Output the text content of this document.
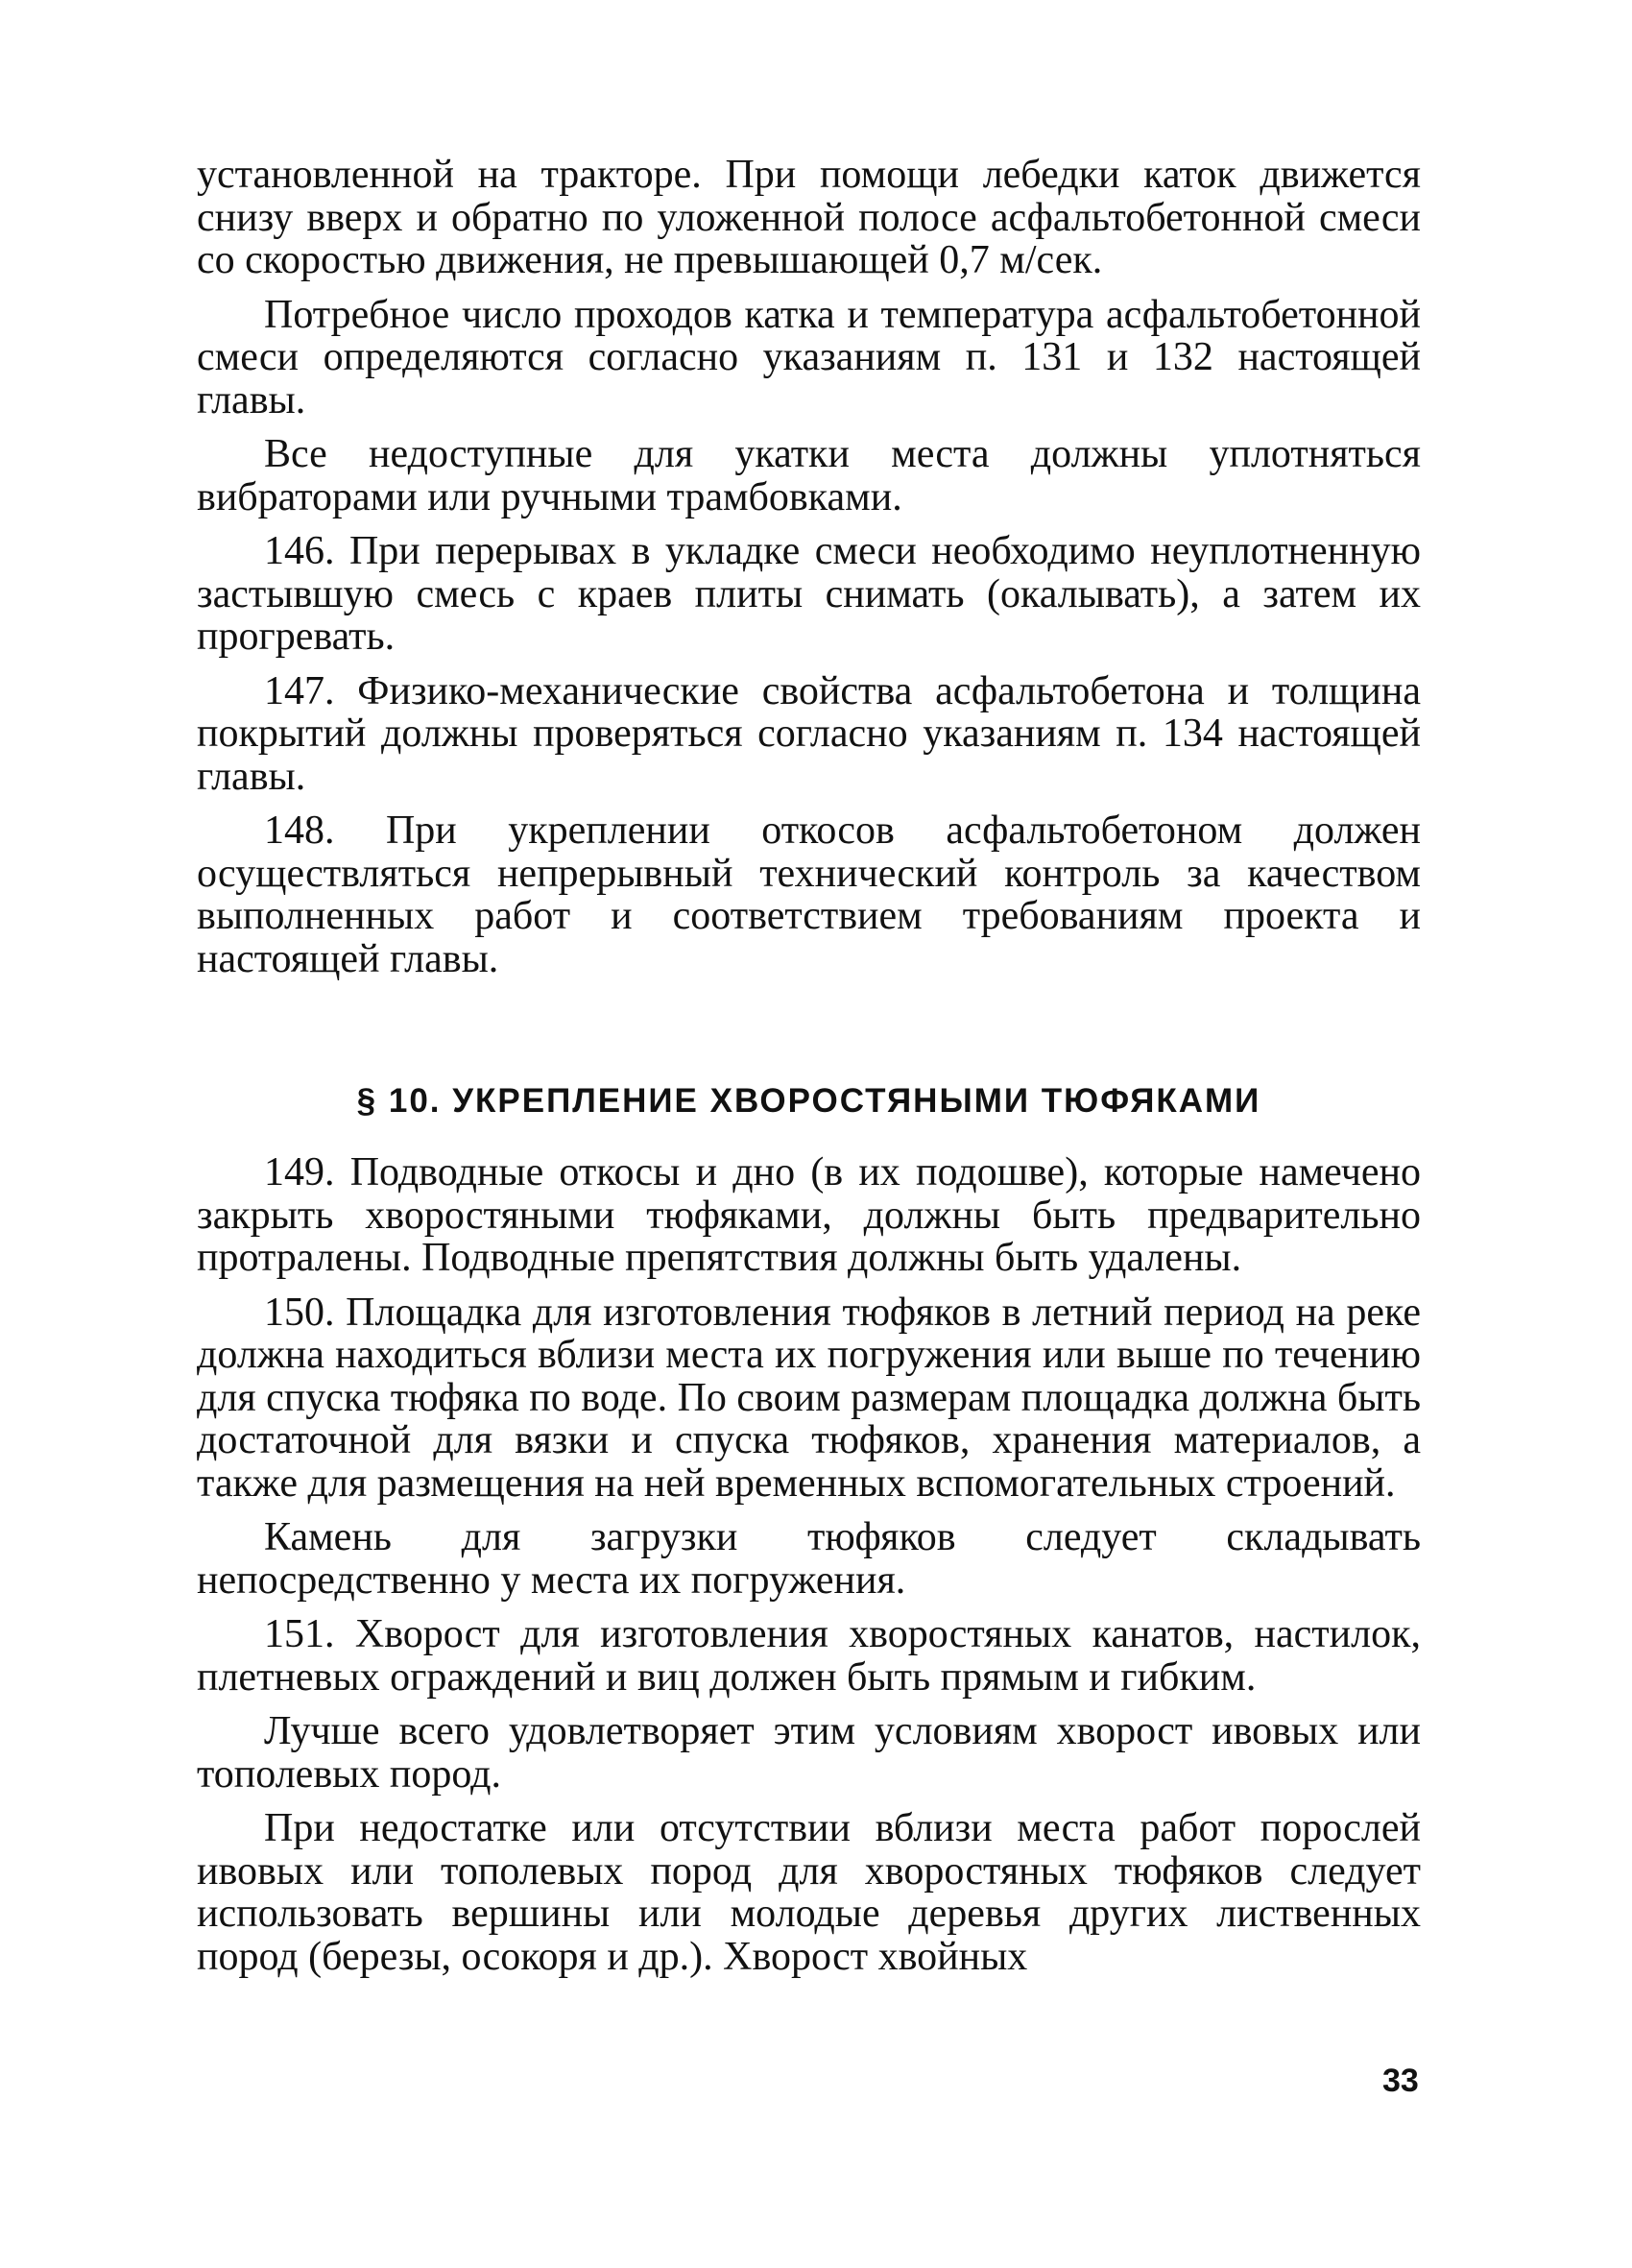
установленной на тракторе. При помощи лебедки каток движется снизу вверх и обратно по уложенной полосе асфальтобетонной смеси со скоростью движения, не превышающей 0,7 м/сек.

Потребное число проходов катка и температура асфальтобетонной смеси определяются согласно указаниям п. 131 и 132 настоящей главы.

Все недоступные для укатки места должны уплотняться вибраторами или ручными трамбовками.

146. При перерывах в укладке смеси необходимо неуплотненную застывшую смесь с краев плиты снимать (окалывать), а затем их прогревать.

147. Физико-механические свойства асфальтобетона и толщина покрытий должны проверяться согласно указаниям п. 134 настоящей главы.

148. При укреплении откосов асфальтобетоном должен осуществляться непрерывный технический контроль за качеством выполненных работ и соответствием требованиям проекта и настоящей главы.

§ 10. УКРЕПЛЕНИЕ ХВОРОСТЯНЫМИ ТЮФЯКАМИ

149. Подводные откосы и дно (в их подошве), которые намечено закрыть хворостяными тюфяками, должны быть предварительно протралены. Подводные препятствия должны быть удалены.

150. Площадка для изготовления тюфяков в летний период на реке должна находиться вблизи места их погружения или выше по течению для спуска тюфяка по воде. По своим размерам площадка должна быть достаточной для вязки и спуска тюфяков, хранения материалов, а также для размещения на ней временных вспомогательных строений.

Камень для загрузки тюфяков следует складывать непосредственно у места их погружения.

151. Хворост для изготовления хворостяных канатов, настилок, плетневых ограждений и виц должен быть прямым и гибким.

Лучше всего удовлетворяет этим условиям хворост ивовых или тополевых пород.

При недостатке или отсутствии вблизи места работ порослей ивовых или тополевых пород для хворостяных тюфяков следует использовать вершины или молодые деревья других лиственных пород (березы, осокоря и др.). Хворост хвойных

33
